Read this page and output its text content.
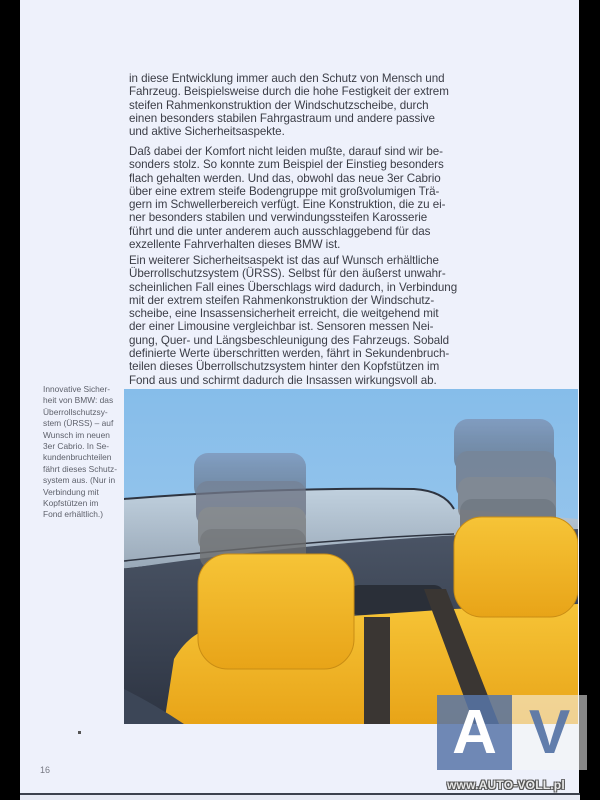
in diese Entwicklung immer auch den Schutz von Mensch und
Fahrzeug. Beispielsweise durch die hohe Festigkeit der extrem
steifen Rahmenkonstruktion der Windschutzscheibe, durch
einen besonders stabilen Fahrgastraum und andere passive
und aktive Sicherheitsaspekte.

Daß dabei der Komfort nicht leiden mußte, darauf sind wir be-
sonders stolz. So konnte zum Beispiel der Einstieg besonders
flach gehalten werden. Und das, obwohl das neue 3er Cabrio
über eine extrem steife Bodengruppe mit großvolumigen Trä-
gern im Schwellerbereich verfügt. Eine Konstruktion, die zu ei-
ner besonders stabilen und verwindungssteifen Karosserie
führt und die unter anderem auch ausschlaggebend für das
exzellente Fahrverhalten dieses BMW ist.

Ein weiterer Sicherheitsaspekt ist das auf Wunsch erhältliche
Überrollschutzsystem (ÜRSS). Selbst für den äußerst unwahr-
scheinlichen Fall eines Überschlags wird dadurch, in Verbindung
mit der extrem steifen Rahmenkonstruktion der Windschutz-
scheibe, eine Insassensicherheit erreicht, die weitgehend mit
der einer Limousine vergleichbar ist. Sensoren messen Nei-
gung, Quer- und Längsbeschleunigung des Fahrzeugs. Sobald
definierte Werte überschritten werden, fährt in Sekundenbruch-
teilen dieses Überrollschutzsystem hinter den Kopfstützen im
Fond aus und schirmt dadurch die Insassen wirkungsvoll ab.

Innovative Sicher-
heit von BMW: das
Überrollschutzsy-
stem (ÜRSS) – auf
Wunsch im neuen
3er Cabrio. In Se-
kundenbruchteilen
fährt dieses Schutz-
system aus. (Nur in
Verbindung mit
Kopfstützen im
Fond erhältlich.)
16
A V
www.AUTO-VOLL.pl
